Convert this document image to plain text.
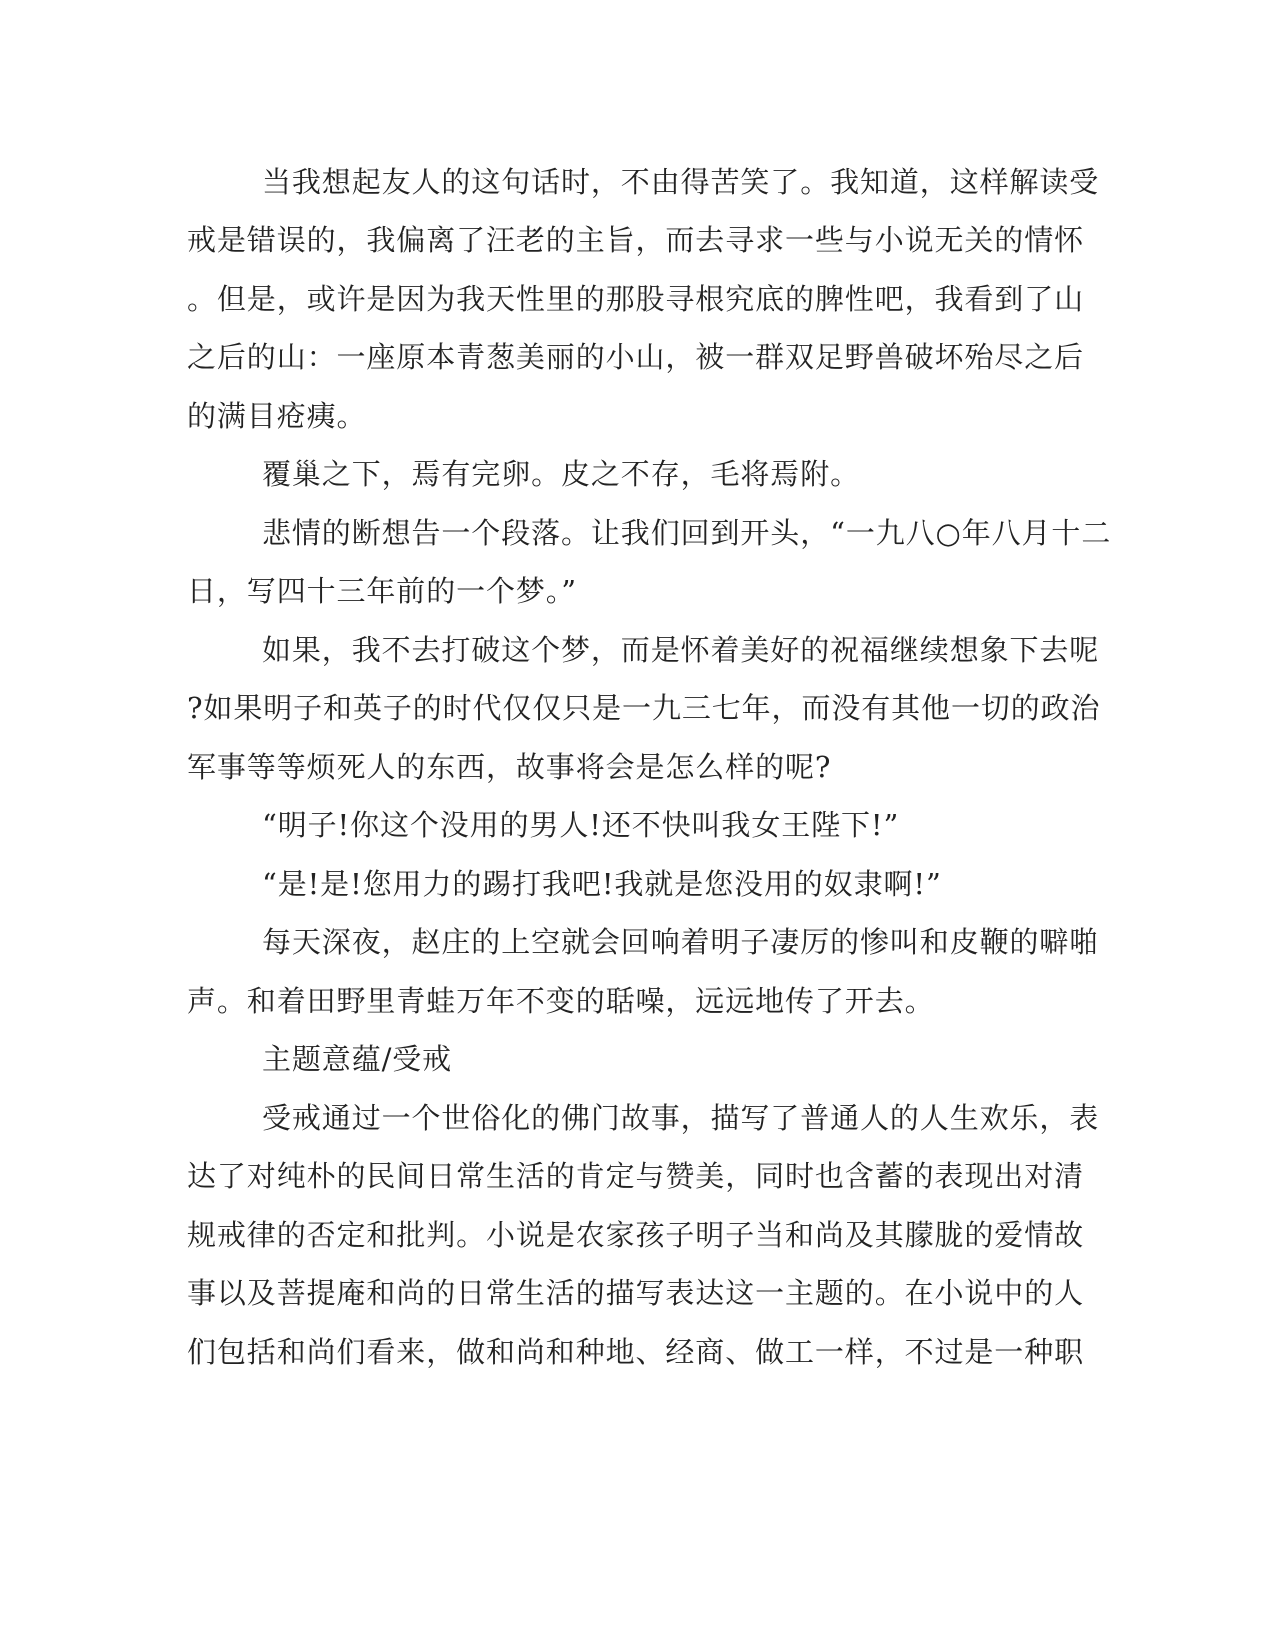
当我想起友人的这句话时，不由得苦笑了。我知道，这样解读受
戒是错误的，我偏离了汪老的主旨，而去寻求一些与小说无关的情怀
。但是，或许是因为我天性里的那股寻根究底的脾性吧，我看到了山
之后的山：一座原本青葱美丽的小山，被一群双足野兽破坏殆尽之后
的满目疮痍。
覆巢之下，焉有完卵。皮之不存，毛将焉附。
悲情的断想告一个段落。让我们回到开头，“一九八○年八月十二
日，写四十三年前的一个梦。”
如果，我不去打破这个梦，而是怀着美好的祝福继续想象下去呢
?如果明子和英子的时代仅仅只是一九三七年，而没有其他一切的政治
军事等等烦死人的东西，故事将会是怎么样的呢?
“明子!你这个没用的男人!还不快叫我女王陛下!”
“是!是!您用力的踢打我吧!我就是您没用的奴隶啊!”
每天深夜，赵庄的上空就会回响着明子凄厉的惨叫和皮鞭的噼啪
声。和着田野里青蛙万年不变的聒噪，远远地传了开去。
主题意蕴/受戒
受戒通过一个世俗化的佛门故事，描写了普通人的人生欢乐，表
达了对纯朴的民间日常生活的肯定与赞美，同时也含蓄的表现出对清
规戒律的否定和批判。小说是农家孩子明子当和尚及其朦胧的爱情故
事以及菩提庵和尚的日常生活的描写表达这一主题的。在小说中的人
们包括和尚们看来，做和尚和种地、经商、做工一样，不过是一种职
